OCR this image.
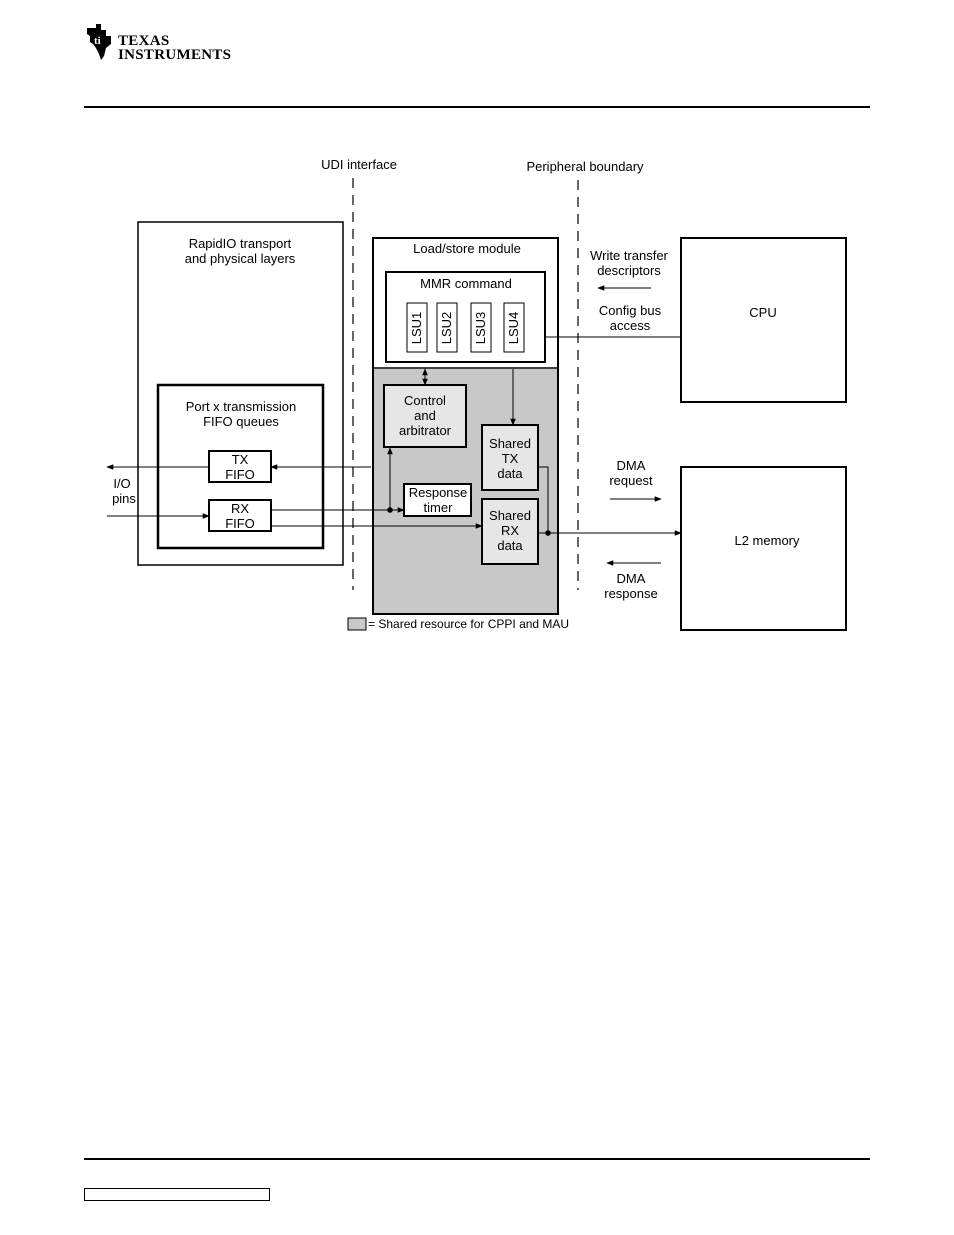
ti TEXAS
INSTRUMENTS
UDI interface	Peripheral boundary
RapidIO transport
and physical layers
Port x transmission
FIFO queues
TX
FIFO
RX
FIFO
I/O
pins
Load/store module
MMR command
LSU1 LSU2 LSU3 LSU4
Control
and
arbitrator
Response
timer
Shared
TX
data
Shared
RX
data
Write transfer
descriptors
Config bus
access
CPU
DMA
request
DMA
response
L2 memory
= Shared resource for CPPI and MAU
